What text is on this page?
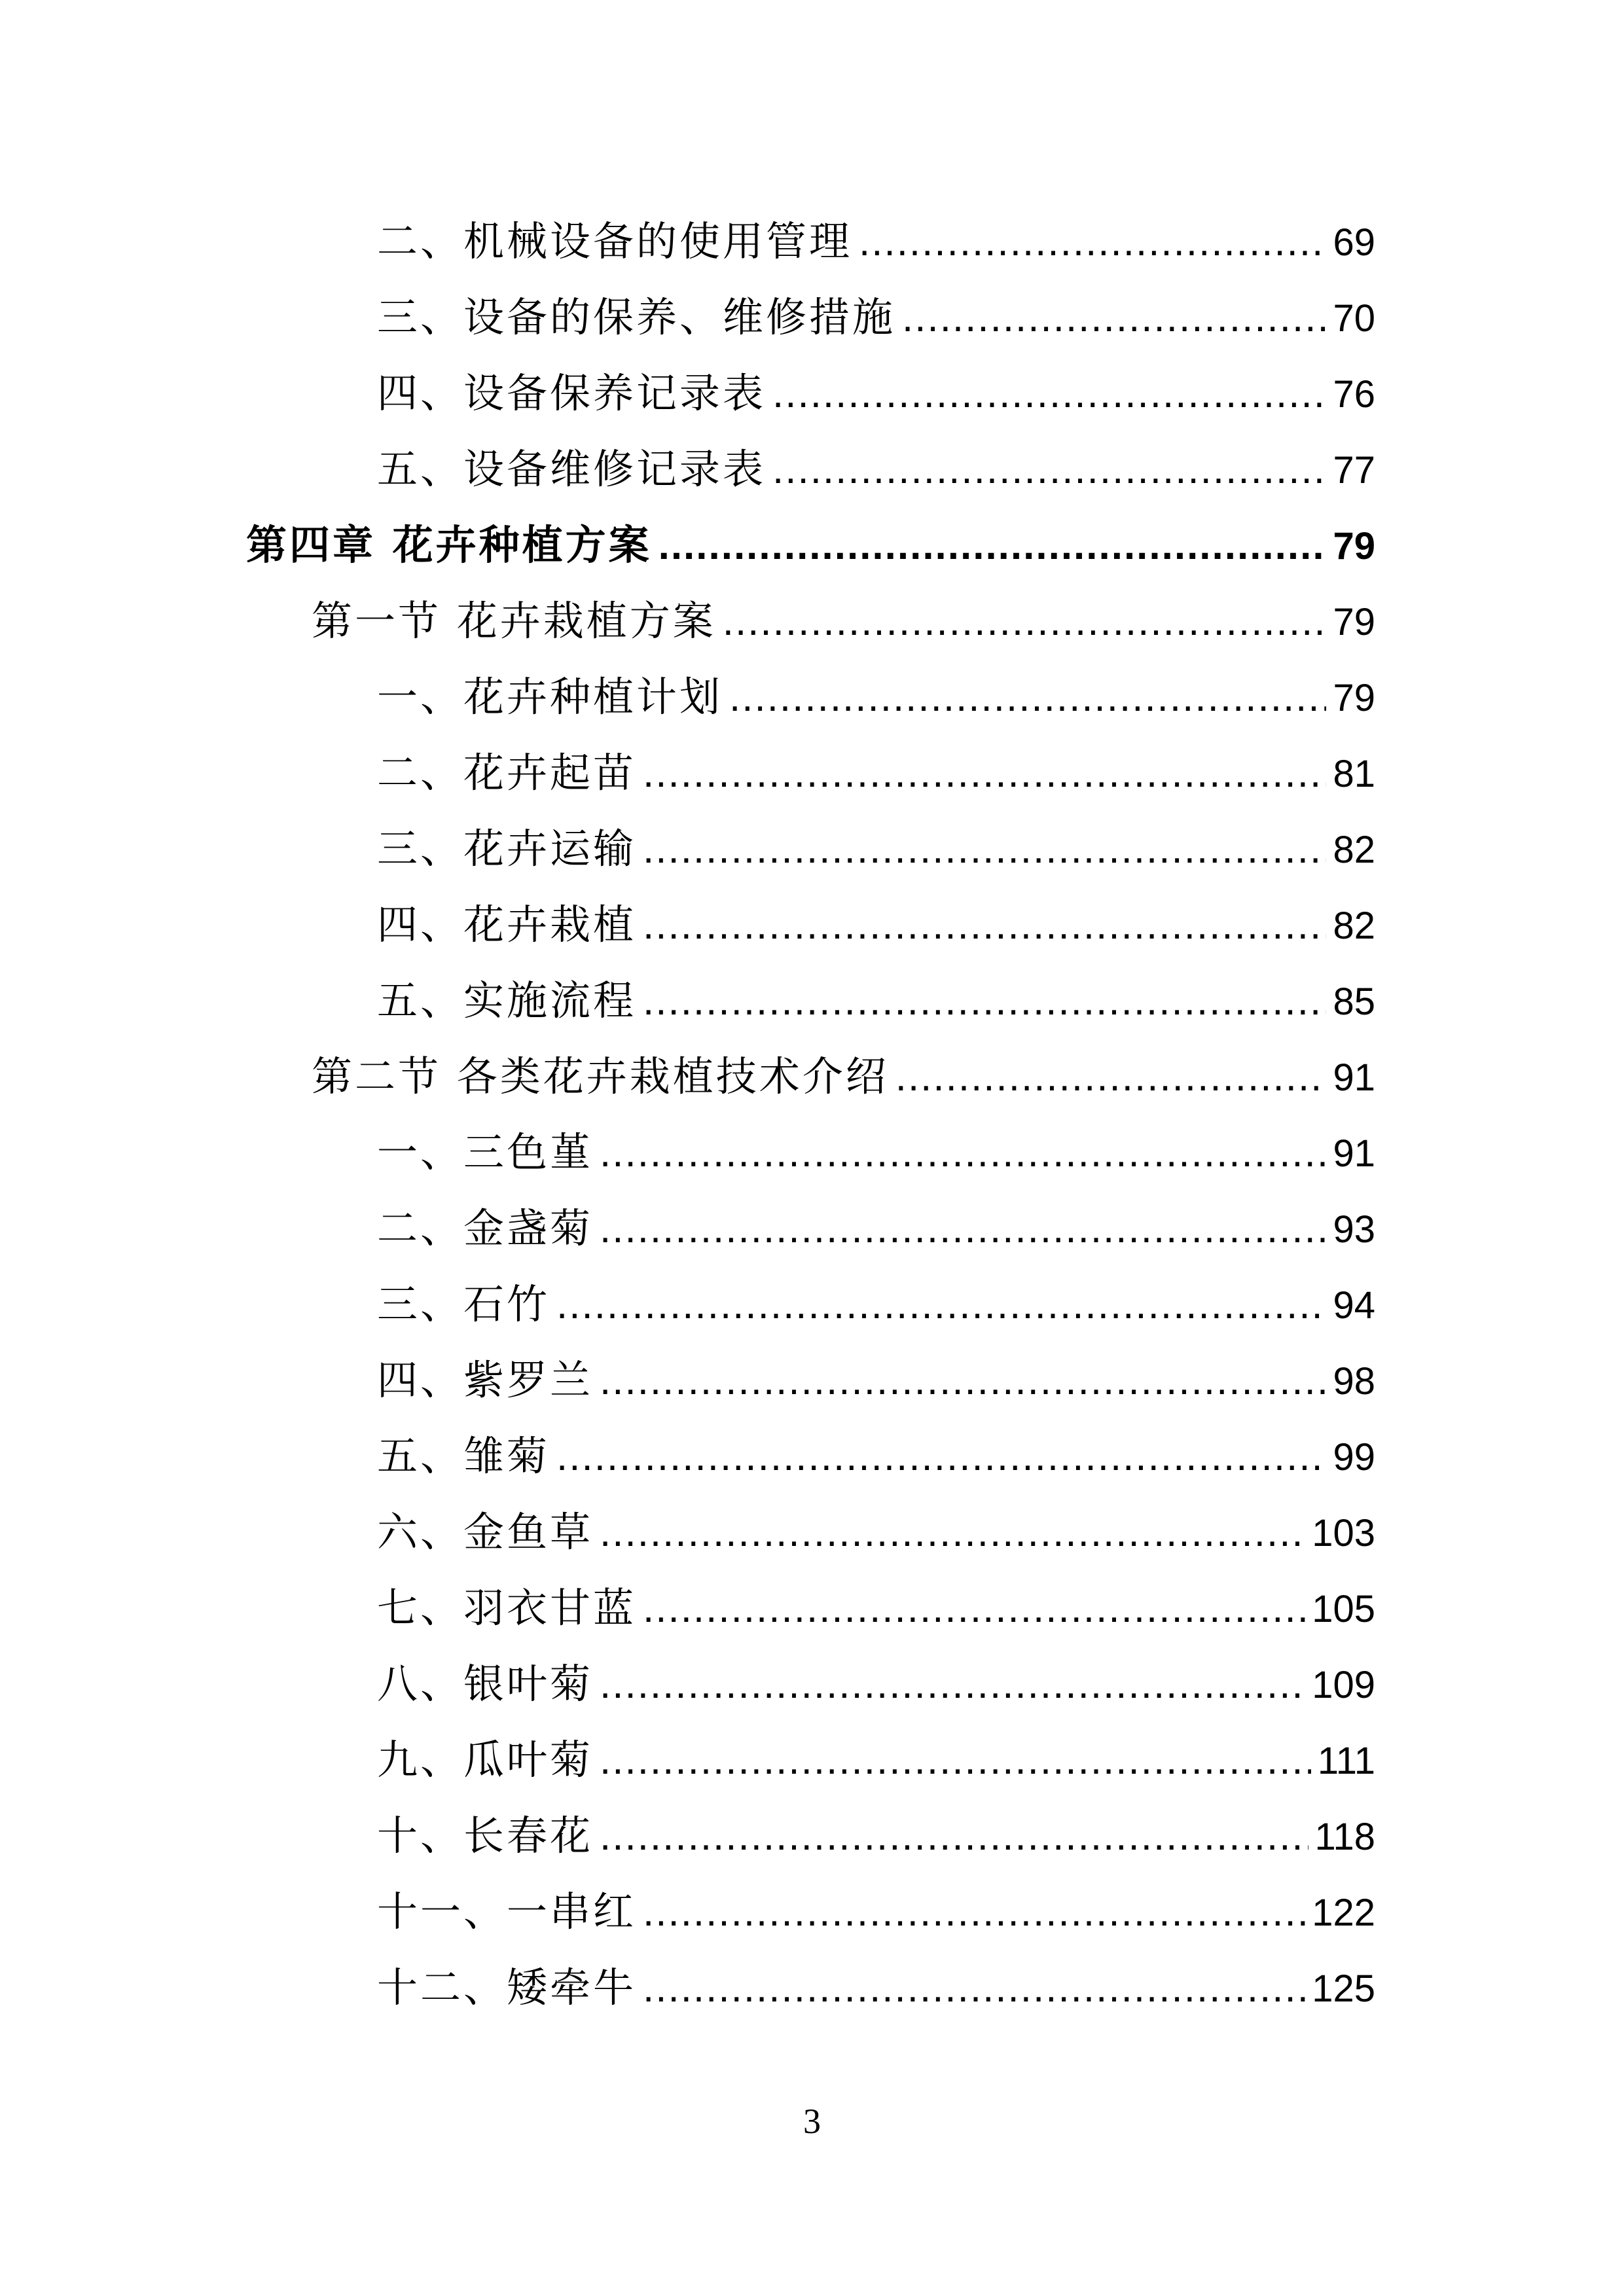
二、机械设备的使用管理 .....	69
三、设备的保养、维修措施 .....	70
四、设备保养记录表 .....	76
五、设备维修记录表 .....	77
第四章 花卉种植方案 .....	79
第一节 花卉栽植方案 .....	79
一、花卉种植计划 .....	79
二、花卉起苗 .....	81
三、花卉运输 .....	82
四、花卉栽植 .....	82
五、实施流程 .....	85
第二节 各类花卉栽植技术介绍 .....	91
一、三色堇 .....	91
二、金盏菊 .....	93
三、石竹 .....	94
四、紫罗兰 .....	98
五、雏菊 .....	99
六、金鱼草 .....	103
七、羽衣甘蓝 .....	105
八、银叶菊 .....	109
九、瓜叶菊 .....	111
十、长春花 .....	118
十一、一串红 .....	122
十二、矮牵牛 .....	125
3
